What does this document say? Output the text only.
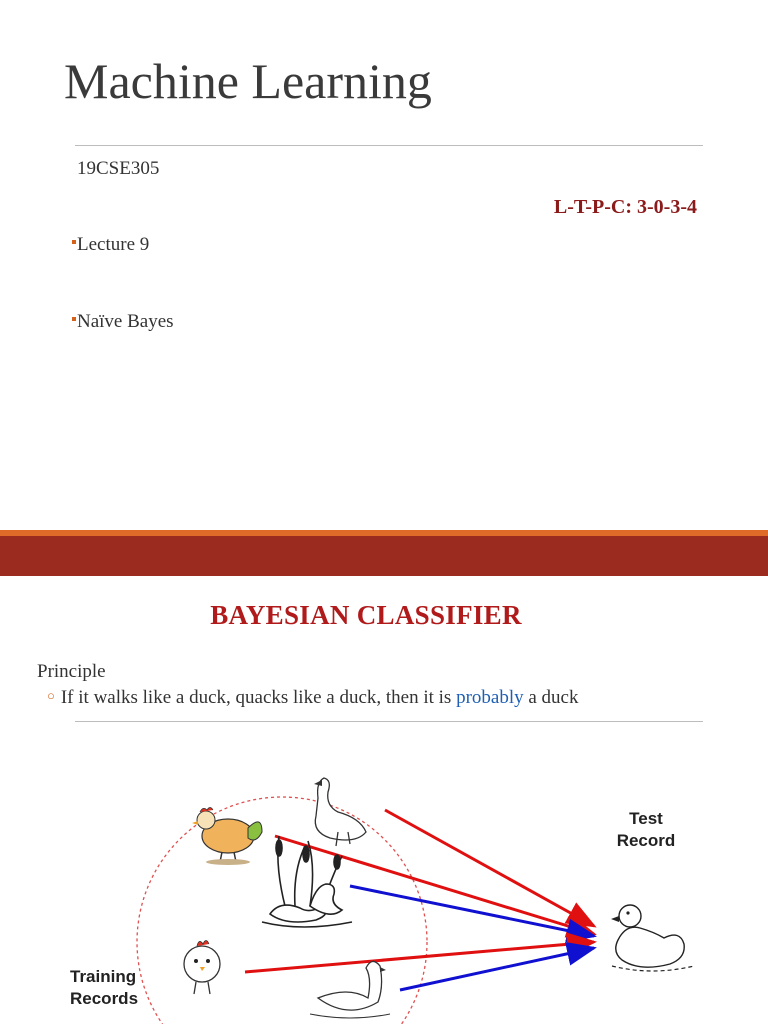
Machine Learning
19CSE305
L-T-P-C: 3-0-3-4
Lecture 9
Naïve Bayes
BAYESIAN CLASSIFIER
Principle
○ If it walks like a duck, quacks like a duck, then it is probably a duck
Test
Record
Training
Records
